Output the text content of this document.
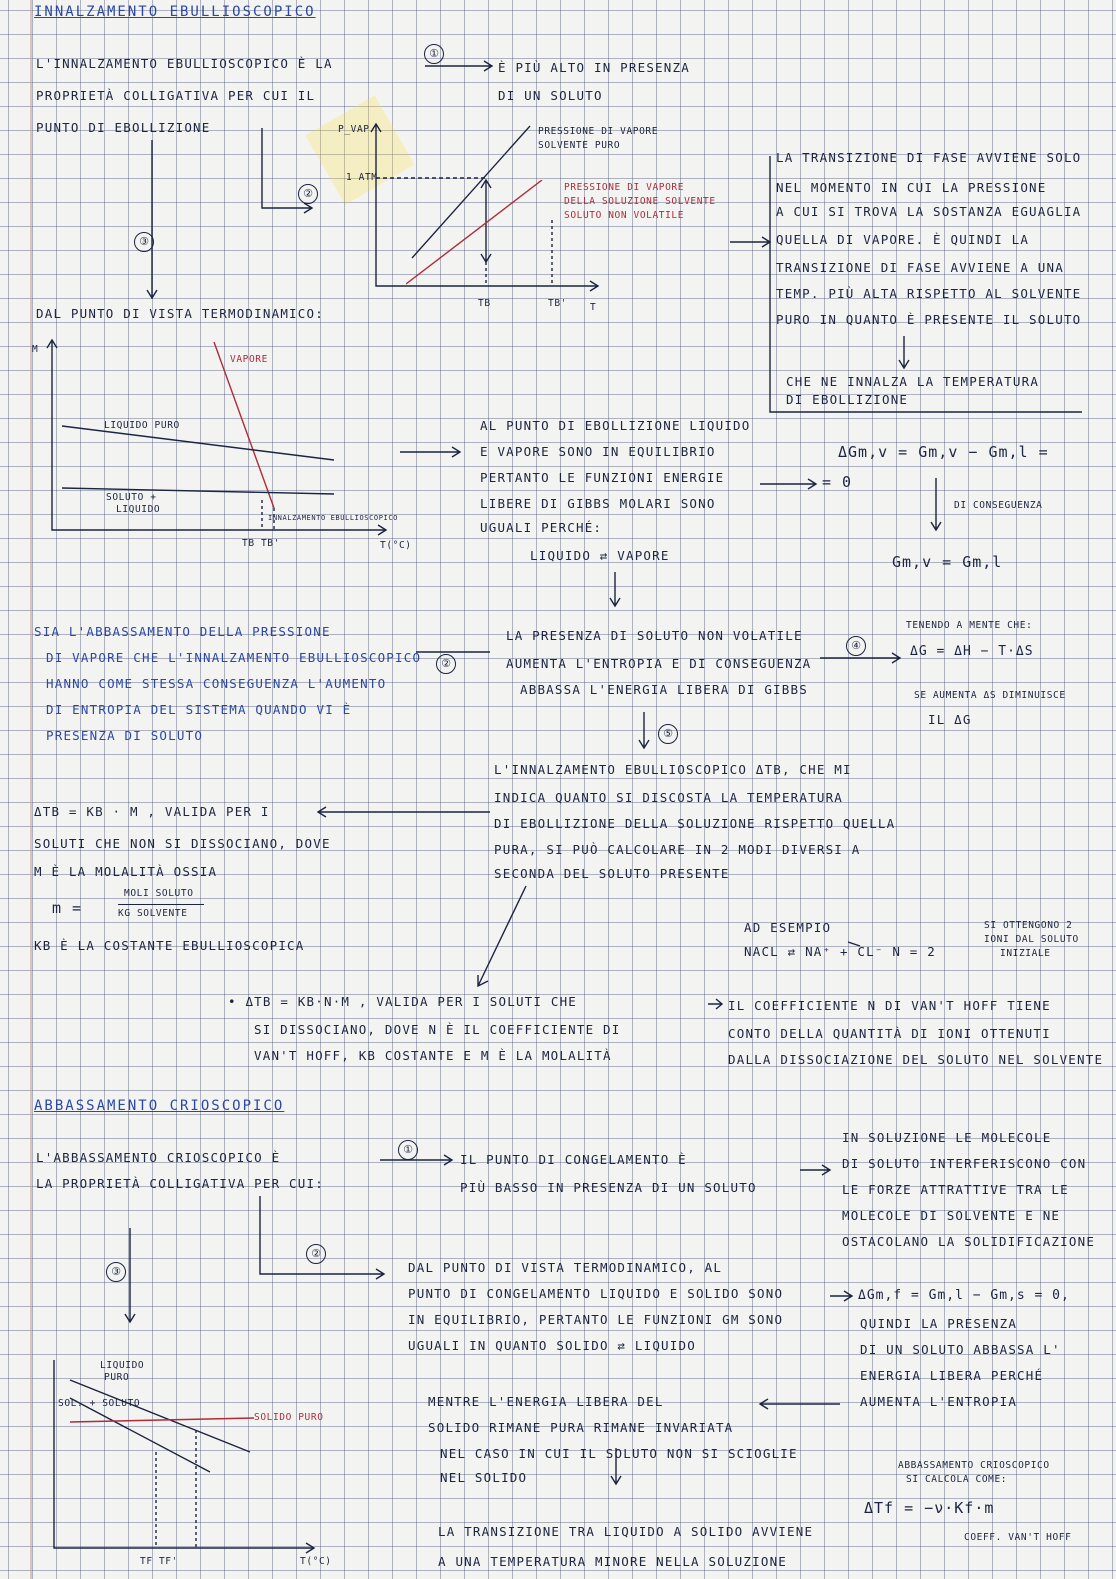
INNALZAMENTO EBULLIOSCOPICO
L'INNALZAMENTO EBULLIOSCOPICO È LA
PROPRIETÀ COLLIGATIVA PER CUI IL
PUNTO DI EBOLLIZIONE
①
È PIÙ ALTO IN PRESENZA
DI UN SOLUTO
②
③
P_VAP
1 ATM
PRESSIONE DI VAPORE
SOLVENTE PURO
PRESSIONE DI VAPORE
DELLA SOLUZIONE SOLVENTE
SOLUTO NON VOLATILE
TB	TB' T
LA TRANSIZIONE DI FASE AVVIENE SOLO
NEL MOMENTO IN CUI LA PRESSIONE
A CUI SI TROVA LA SOSTANZA EGUAGLIA
QUELLA DI VAPORE. È QUINDI LA
TRANSIZIONE DI FASE AVVIENE A UNA
TEMP. PIÙ ALTA RISPETTO AL SOLVENTE
PURO IN QUANTO È PRESENTE IL SOLUTO
CHE NE INNALZA LA TEMPERATURA
DI EBOLLIZIONE
DAL PUNTO DI VISTA TERMODINAMICO:
Μ
VAPORE
LIQUIDO PURO
SOLUTO +
LIQUIDO
INNALZAMENTO EBULLIOSCOPICO
TB TB'	T(°C)
AL PUNTO DI EBOLLIZIONE LIQUIDO
E VAPORE SONO IN EQUILIBRIO
PERTANTO LE FUNZIONI ENERGIE
LIBERE DI GIBBS MOLARI SONO
UGUALI PERCHÉ:
LIQUIDO ⇄ VAPORE
ΔGm,v = Gm,v − Gm,l =
= 0
DI CONSEGUENZA
Gm,v = Gm,l
SIA L'ABBASSAMENTO DELLA PRESSIONE
DI VAPORE CHE L'INNALZAMENTO EBULLIOSCOPICO
HANNO COME STESSA CONSEGUENZA L'AUMENTO
DI ENTROPIA DEL SISTEMA QUANDO VI È
PRESENZA DI SOLUTO
②
LA PRESENZA DI SOLUTO NON VOLATILE
AUMENTA L'ENTROPIA E DI CONSEGUENZA
ABBASSA L'ENERGIA LIBERA DI GIBBS
④
TENENDO A MENTE CHE:
ΔG = ΔH − T·ΔS
SE AUMENTA ΔS DIMINUISCE
IL ΔG
⑤
L'INNALZAMENTO EBULLIOSCOPICO ΔTB, CHE MI
INDICA QUANTO SI DISCOSTA LA TEMPERATURA
DI EBOLLIZIONE DELLA SOLUZIONE RISPETTO QUELLA
PURA, SI PUÒ CALCOLARE IN 2 MODI DIVERSI A
SECONDA DEL SOLUTO PRESENTE
ΔTB = KB · M , VALIDA PER I
SOLUTI CHE NON SI DISSOCIANO, DOVE
M È LA MOLALITÀ OSSIA
m =
MOLI SOLUTO
KG SOLVENTE
KB È LA COSTANTE EBULLIOSCOPICA
AD ESEMPIO
NACL ⇄ NA⁺ + CL⁻ Ν = 2
SI OTTENGONO 2
IONI DAL SOLUTO
INIZIALE
• ΔTB = KB·Ν·M , VALIDA PER I SOLUTI CHE
SI DISSOCIANO, DOVE Ν È IL COEFFICIENTE DI
VAN'T HOFF, KB COSTANTE E M È LA MOLALITÀ
IL COEFFICIENTE Ν DI VAN'T HOFF TIENE
CONTO DELLA QUANTITÀ DI IONI OTTENUTI
DALLA DISSOCIAZIONE DEL SOLUTO NEL SOLVENTE
ABBASSAMENTO CRIOSCOPICO
L'ABBASSAMENTO CRIOSCOPICO È
LA PROPRIETÀ COLLIGATIVA PER CUI:
①
IL PUNTO DI CONGELAMENTO È
PIÙ BASSO IN PRESENZA DI UN SOLUTO
IN SOLUZIONE LE MOLECOLE
DI SOLUTO INTERFERISCONO CON
LE FORZE ATTRATTIVE TRA LE
MOLECOLE DI SOLVENTE E NE
OSTACOLANO LA SOLIDIFICAZIONE
②
③	DAL PUNTO DI VISTA TERMODINAMICO, AL
PUNTO DI CONGELAMENTO LIQUIDO E SOLIDO SONO
IN EQUILIBRIO, PERTANTO LE FUNZIONI GM SONO
UGUALI IN QUANTO SOLIDO ⇄ LIQUIDO
ΔGm,f = Gm,l − Gm,s = 0,
QUINDI LA PRESENZA
DI UN SOLUTO ABBASSA L'
ENERGIA LIBERA PERCHÉ
AUMENTA L'ENTROPIA
LIQUIDO
PURO
SOL. + SOLUTO
SOLIDO PURO
TF TF'	T(°C)
MENTRE L'ENERGIA LIBERA DEL
SOLIDO RIMANE PURA RIMANE INVARIATA
NEL CASO IN CUI IL SOLUTO NON SI SCIOGLIE
NEL SOLIDO
LA TRANSIZIONE TRA LIQUIDO A SOLIDO AVVIENE
A UNA TEMPERATURA MINORE NELLA SOLUZIONE
ABBASSAMENTO CRIOSCOPICO
SI CALCOLA COME:
ΔTf = −ν·Kf·m
COEFF. VAN'T HOFF
